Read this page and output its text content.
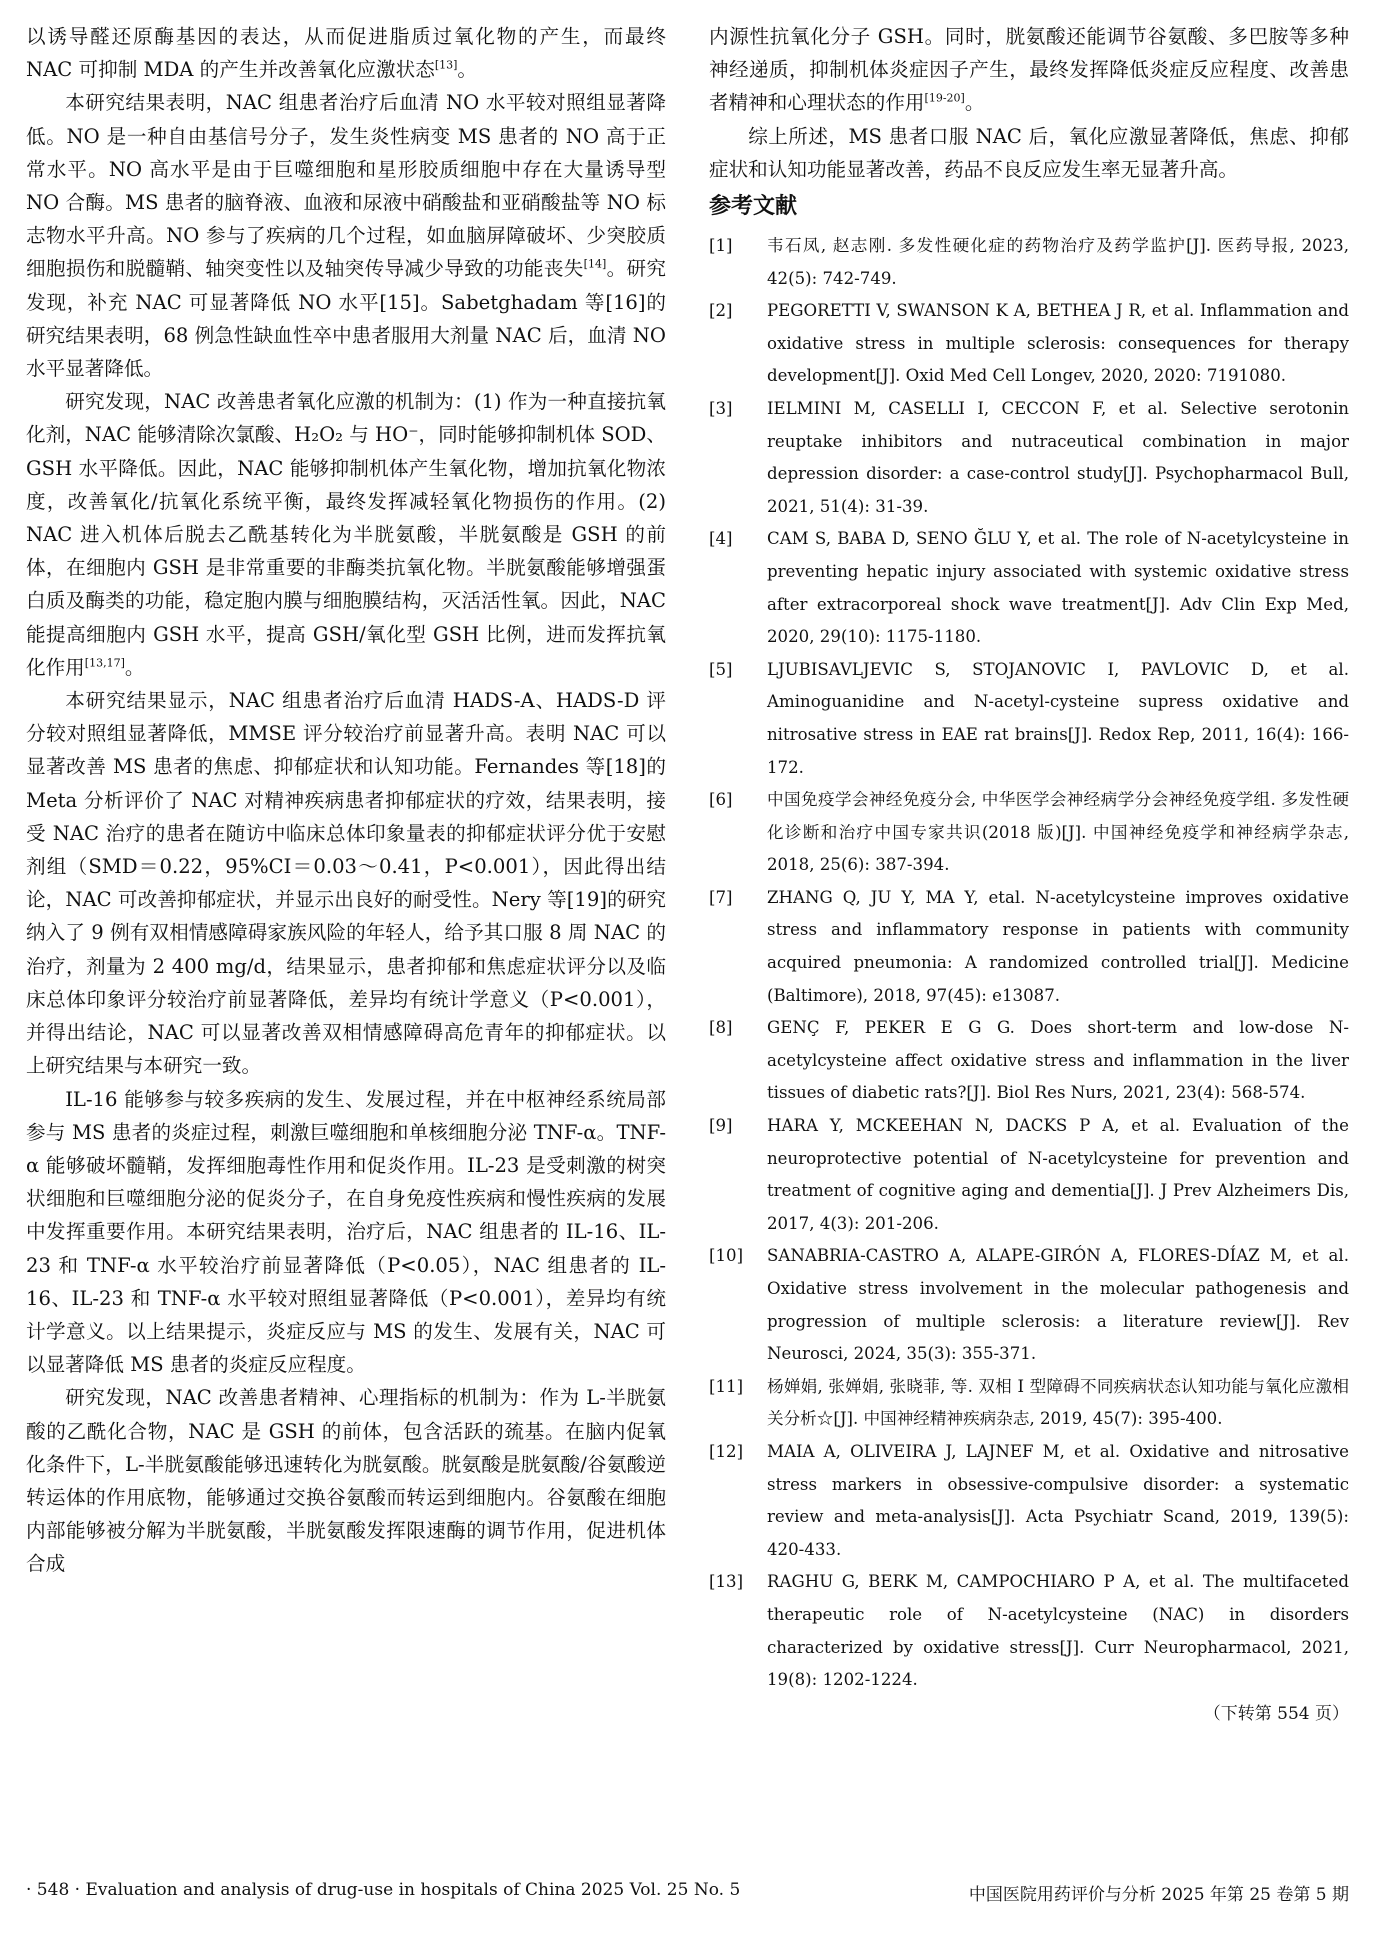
以诱导醛还原酶基因的表达，从而促进脂质过氧化物的产生，而最终 NAC 可抑制 MDA 的产生并改善氧化应激状态[13]。

本研究结果表明，NAC 组患者治疗后血清 NO 水平较对照组显著降低。NO 是一种自由基信号分子，发生炎性病变 MS 患者的 NO 高于正常水平。NO 高水平是由于巨噬细胞和星形胶质细胞中存在大量诱导型 NO 合酶。MS 患者的脑脊液、血液和尿液中硝酸盐和亚硝酸盐等 NO 标志物水平升高。NO 参与了疾病的几个过程，如血脑屏障破坏、少突胶质细胞损伤和脱髓鞘、轴突变性以及轴突传导减少导致的功能丧失[14]。研究发现，补充 NAC 可显著降低 NO 水平[15]。Sabetghadam 等[16]的研究结果表明，68 例急性缺血性卒中患者服用大剂量 NAC 后，血清 NO 水平显著降低。

研究发现，NAC 改善患者氧化应激的机制为：(1) 作为一种直接抗氧化剂，NAC 能够清除次氯酸、H₂O₂ 与 HO⁻，同时能够抑制机体 SOD、GSH 水平降低。因此，NAC 能够抑制机体产生氧化物，增加抗氧化物浓度，改善氧化/抗氧化系统平衡，最终发挥减轻氧化物损伤的作用。(2) NAC 进入机体后脱去乙酰基转化为半胱氨酸，半胱氨酸是 GSH 的前体，在细胞内 GSH 是非常重要的非酶类抗氧化物。半胱氨酸能够增强蛋白质及酶类的功能，稳定胞内膜与细胞膜结构，灭活活性氧。因此，NAC 能提高细胞内 GSH 水平，提高 GSH/氧化型 GSH 比例，进而发挥抗氧化作用[13,17]。

本研究结果显示，NAC 组患者治疗后血清 HADS-A、HADS-D 评分较对照组显著降低，MMSE 评分较治疗前显著升高。表明 NAC 可以显著改善 MS 患者的焦虑、抑郁症状和认知功能。Fernandes 等[18]的 Meta 分析评价了 NAC 对精神疾病患者抑郁症状的疗效，结果表明，接受 NAC 治疗的患者在随访中临床总体印象量表的抑郁症状评分优于安慰剂组（SMD＝0.22，95%CI＝0.03～0.41，P<0.001），因此得出结论，NAC 可改善抑郁症状，并显示出良好的耐受性。Nery 等[19]的研究纳入了 9 例有双相情感障碍家族风险的年轻人，给予其口服 8 周 NAC 的治疗，剂量为 2 400 mg/d，结果显示，患者抑郁和焦虑症状评分以及临床总体印象评分较治疗前显著降低，差异均有统计学意义（P<0.001），并得出结论，NAC 可以显著改善双相情感障碍高危青年的抑郁症状。以上研究结果与本研究一致。

IL-16 能够参与较多疾病的发生、发展过程，并在中枢神经系统局部参与 MS 患者的炎症过程，刺激巨噬细胞和单核细胞分泌 TNF-α。TNF-α 能够破坏髓鞘，发挥细胞毒性作用和促炎作用。IL-23 是受刺激的树突状细胞和巨噬细胞分泌的促炎分子，在自身免疫性疾病和慢性疾病的发展中发挥重要作用。本研究结果表明，治疗后，NAC 组患者的 IL-16、IL-23 和 TNF-α 水平较治疗前显著降低（P<0.05），NAC 组患者的 IL-16、IL-23 和 TNF-α 水平较对照组显著降低（P<0.001），差异均有统计学意义。以上结果提示，炎症反应与 MS 的发生、发展有关，NAC 可以显著降低 MS 患者的炎症反应程度。

研究发现，NAC 改善患者精神、心理指标的机制为：作为 L-半胱氨酸的乙酰化合物，NAC 是 GSH 的前体，包含活跃的巯基。在脑内促氧化条件下，L-半胱氨酸能够迅速转化为胱氨酸。胱氨酸是胱氨酸/谷氨酸逆转运体的作用底物，能够通过交换谷氨酸而转运到细胞内。谷氨酸在细胞内部能够被分解为半胱氨酸，半胱氨酸发挥限速酶的调节作用，促进机体合成

内源性抗氧化分子 GSH。同时，胱氨酸还能调节谷氨酸、多巴胺等多种神经递质，抑制机体炎症因子产生，最终发挥降低炎症反应程度、改善患者精神和心理状态的作用[19-20]。

综上所述，MS 患者口服 NAC 后，氧化应激显著降低，焦虑、抑郁症状和认知功能显著改善，药品不良反应发生率无显著升高。

参考文献
[1]	韦石凤, 赵志刚. 多发性硬化症的药物治疗及药学监护[J]. 医药导报, 2023, 42(5): 742-749.
[2]	PEGORETTI V, SWANSON K A, BETHEA J R, et al. Inflammation and oxidative stress in multiple sclerosis: consequences for therapy development[J]. Oxid Med Cell Longev, 2020, 2020: 7191080.
[3]	IELMINI M, CASELLI I, CECCON F, et al. Selective serotonin reuptake inhibitors and nutraceutical combination in major depression disorder: a case-control study[J]. Psychopharmacol Bull, 2021, 51(4): 31-39.
[4]	CAM S, BABA D, SENO ĞLU Y, et al. The role of N-acetylcysteine in preventing hepatic injury associated with systemic oxidative stress after extracorporeal shock wave treatment[J]. Adv Clin Exp Med, 2020, 29(10): 1175-1180.
[5]	LJUBISAVLJEVIC S, STOJANOVIC I, PAVLOVIC D, et al. Aminoguanidine and N-acetyl-cysteine supress oxidative and nitrosative stress in EAE rat brains[J]. Redox Rep, 2011, 16(4): 166-172.
[6]	中国免疫学会神经免疫分会, 中华医学会神经病学分会神经免疫学组. 多发性硬化诊断和治疗中国专家共识(2018 版)[J]. 中国神经免疫学和神经病学杂志, 2018, 25(6): 387-394.
[7]	ZHANG Q, JU Y, MA Y, etal. N-acetylcysteine improves oxidative stress and inflammatory response in patients with community acquired pneumonia: A randomized controlled trial[J]. Medicine (Baltimore), 2018, 97(45): e13087.
[8]	GENÇ F, PEKER E G G. Does short-term and low-dose N-acetylcysteine affect oxidative stress and inflammation in the liver tissues of diabetic rats?[J]. Biol Res Nurs, 2021, 23(4): 568-574.
[9]	HARA Y, MCKEEHAN N, DACKS P A, et al. Evaluation of the neuroprotective potential of N-acetylcysteine for prevention and treatment of cognitive aging and dementia[J]. J Prev Alzheimers Dis, 2017, 4(3): 201-206.
[10]	SANABRIA-CASTRO A, ALAPE-GIRÓN A, FLORES-DÍAZ M, et al. Oxidative stress involvement in the molecular pathogenesis and progression of multiple sclerosis: a literature review[J]. Rev Neurosci, 2024, 35(3): 355-371.
[11]	杨婵娟, 张婵娟, 张晓菲, 等. 双相 I 型障碍不同疾病状态认知功能与氧化应激相关分析☆[J]. 中国神经精神疾病杂志, 2019, 45(7): 395-400.
[12]	MAIA A, OLIVEIRA J, LAJNEF M, et al. Oxidative and nitrosative stress markers in obsessive-compulsive disorder: a systematic review and meta-analysis[J]. Acta Psychiatr Scand, 2019, 139(5): 420-433.
[13]	RAGHU G, BERK M, CAMPOCHIARO P A, et al. The multifaceted therapeutic role of N-acetylcysteine (NAC) in disorders characterized by oxidative stress[J]. Curr Neuropharmacol, 2021, 19(8): 1202-1224.
（下转第 554 页）
· 548 · Evaluation and analysis of drug-use in hospitals of China 2025 Vol. 25 No. 5	中国医院用药评价与分析 2025 年第 25 卷第 5 期
